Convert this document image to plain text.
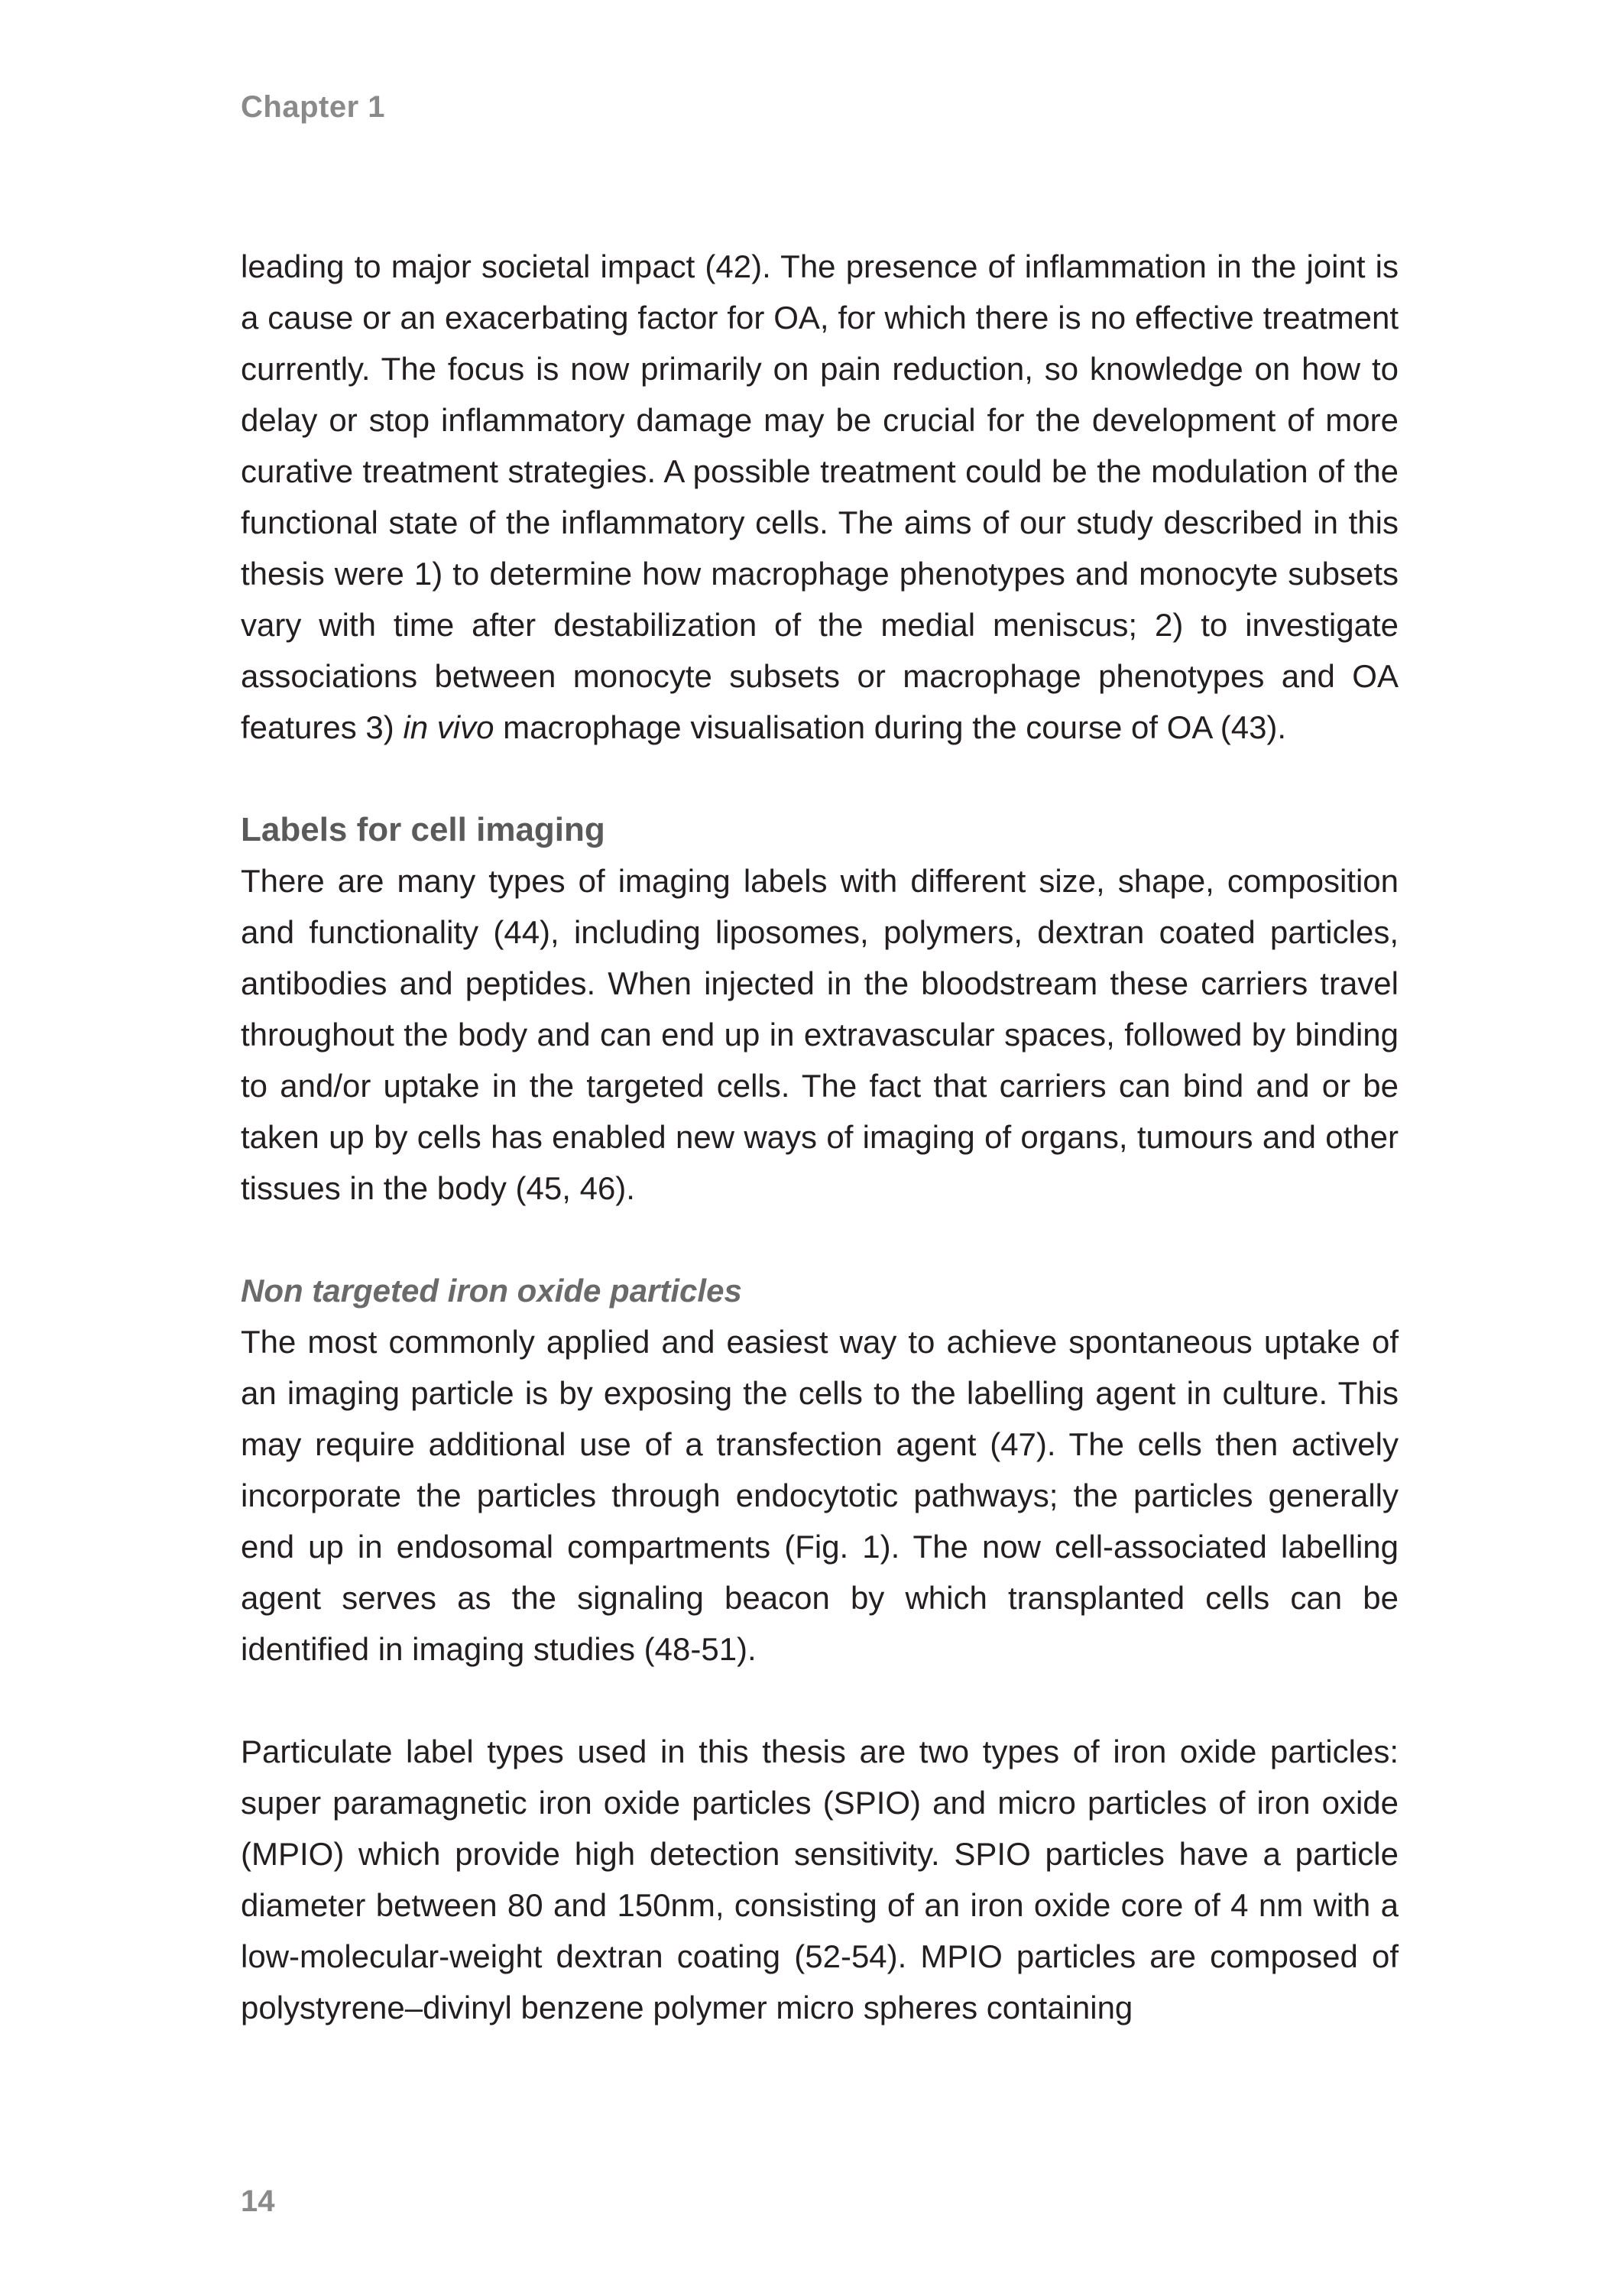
Chapter 1

leading to major societal impact (42). The presence of inflammation in the joint is a cause or an exacerbating factor for OA, for which there is no effective treatment currently. The focus is now primarily on pain reduction, so knowledge on how to delay or stop inflammatory damage may be crucial for the development of more curative treatment strategies. A possible treatment could be the modulation of the functional state of the inflammatory cells. The aims of our study described in this thesis were 1) to determine how macrophage phenotypes and monocyte subsets vary with time after destabilization of the medial meniscus; 2) to investigate associations between monocyte subsets or macrophage phenotypes and OA features 3) in vivo macrophage visualisation during the course of OA (43).

Labels for cell imaging

There are many types of imaging labels with different size, shape, composition and functionality (44), including liposomes, polymers, dextran coated particles, antibodies and peptides. When injected in the bloodstream these carriers travel throughout the body and can end up in extravascular spaces, followed by binding to and/or uptake in the targeted cells. The fact that carriers can bind and or be taken up by cells has enabled new ways of imaging of organs, tumours and other tissues in the body (45, 46).

Non targeted iron oxide particles

The most commonly applied and easiest way to achieve spontaneous uptake of an imaging particle is by exposing the cells to the labelling agent in culture. This may require additional use of a transfection agent (47). The cells then actively incorporate the particles through endocytotic pathways; the particles generally end up in endosomal compartments (Fig. 1). The now cell-associated labelling agent serves as the signaling beacon by which transplanted cells can be identified in imaging studies (48-51).

Particulate label types used in this thesis are two types of iron oxide particles: super paramagnetic iron oxide particles (SPIO) and micro particles of iron oxide (MPIO) which provide high detection sensitivity. SPIO particles have a particle diameter between 80 and 150nm, consisting of an iron oxide core of 4 nm with a low-molecular-weight dextran coating (52-54). MPIO particles are composed of polystyrene–divinyl benzene polymer micro spheres containing

14
